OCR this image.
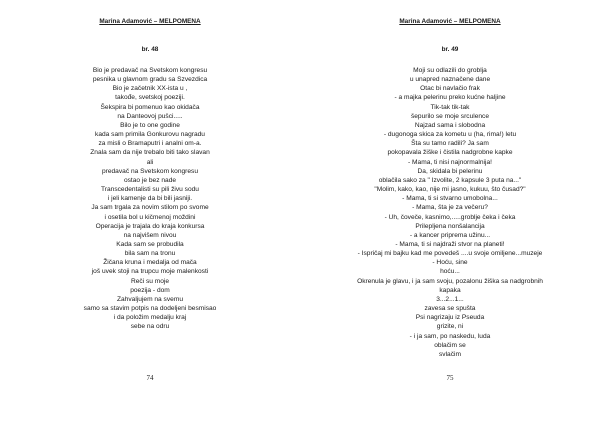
Marina Adamović – MELPOMENA
br. 48
Bio je predavač na Svetskom kongresu
pesnika u glavnom gradu sa Szvezdica
Bio je začetnik XX-ista u ,
takođe, svetskoj poeziji.
Šekspira bi pomenuo kao okidača
na Danteovoj pušci.....
Bilo je to one godine
kada sam primila Gonkurovu nagradu
za misli o Bramaputri i analni om-a.
Znala sam da nije trebalo biti tako slavan
ali
predavač na Svetskom kongresu
ostao je bez nade
Transcedentalisti su pili živu sodu
i jeli kamenje da bi bili jasniji.
Ja sam trgala za novim stilom po svome
i osetila bol u kičmenoj moždini
Operacija je trajala do kraja konkursa
na najvišem nivou
Kada sam se probudila
bila sam na tronu
Žičana kruna i medalja od mača
još uvek stoji na trupcu moje malenkosti
Reči su moje
poezija - dom
Zahvaljujem na svemu
samo sa stavim potpis na dodeljeni besmisao
i da položim medalju kraj
sebe na odru
74
Marina Adamović – MELPOMENA
br. 49
Moji su odlazili do groblja
u unapred naznačene dane
Otac bi navlačio frak
- a majka pelerinu preko kućne haljine
Tik-tak tik-tak
šepurilo se moje srculence
Najzad sama i slobodna
- dugonoga skica za kometu u (ha, rima!) letu
Šta su tamo radili? Ja sam
pokopavala žiške i čistila nadgrobne kapke
- Mama, ti nisi najnormalnija!
Da, skidala bi pelerinu
oblačila sako za " Izvolite, 2 kapsule 3 puta na..."
"Molim, kako, kao, nije mi jasno, kukuu, što čusad?"
- Mama, ti si stvarno umobolna...
- Mama, šta je za večeru?
- Uh, čoveče, kasnimo,.....groblje čeka i čeka
Prilepljena nonšalancija
- a kancer priprema užinu...
- Mama, ti si najdraži stvor na planeti!
- Ispričaj mi bajku kad me povedeš ....u svoje omiljene...muzeje
- Hoću, sine
hoću...
Okrenula je glavu, i ja sam svoju, pozalonu žiška sa nadgrobnih
kapaka
3...2...1...
zavesa se spušta
Psi nagrizaju iz Pseuda
grizite, ni
- i ja sam, po naskedu, luda
oblačim se
svlačim
75
